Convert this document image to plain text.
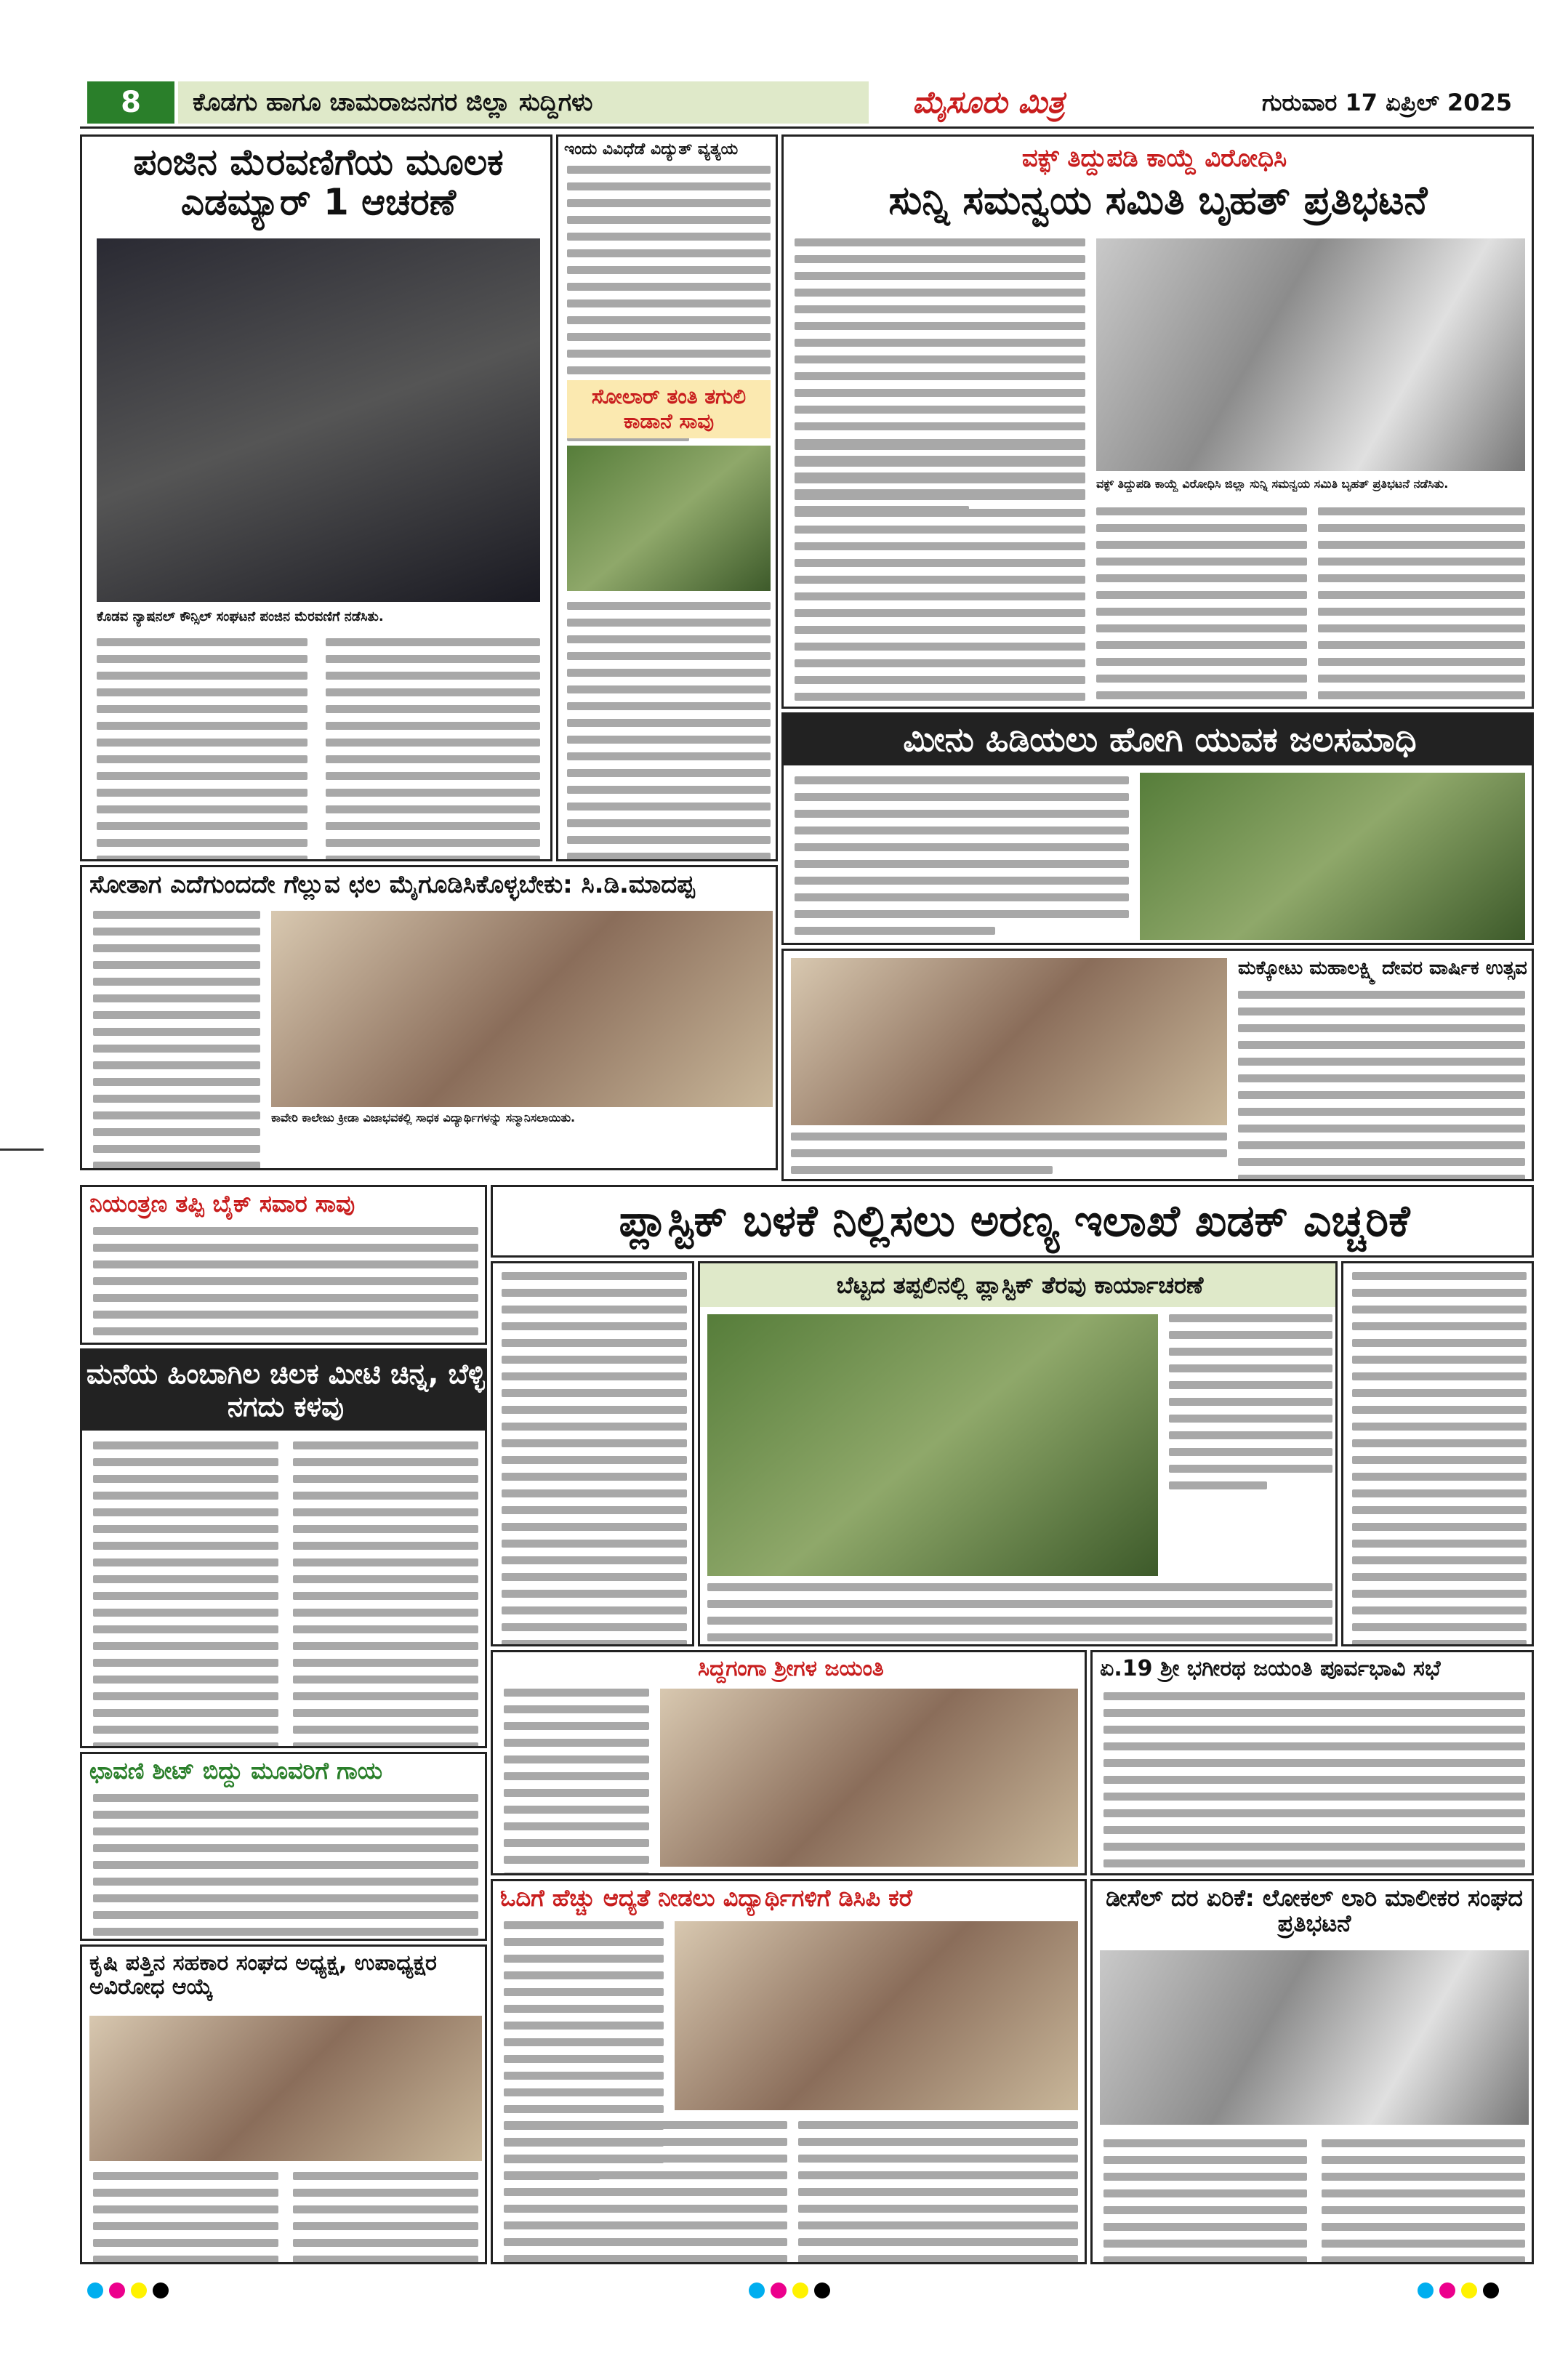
8	ಕೊಡಗು ಹಾಗೂ ಚಾಮರಾಜನಗರ ಜಿಲ್ಲಾ ಸುದ್ದಿಗಳು	ಮೈಸೂರು ಮಿತ್ರ	ಗುರುವಾರ 17 ಏಪ್ರಿಲ್ 2025
ಪಂಜಿನ ಮೆರವಣಿಗೆಯ ಮೂಲಕ ಎಡಮ್ಯಾರ್ 1 ಆಚರಣೆ
ಕೊಡವ ನ್ಯಾಷನಲ್ ಕೌನ್ಸಿಲ್ ಸಂಘಟನೆ ಪಂಜಿನ ಮೆರವಣಿಗೆ ನಡೆಸಿತು.
ಇಂದು ವಿವಿಧೆಡೆ ವಿದ್ಯುತ್ ವ್ಯತ್ಯಯ
ಸೋಲಾರ್ ತಂತಿ ತಗುಲಿ ಕಾಡಾನೆ ಸಾವು
ವಕ್ಫ್ ತಿದ್ದುಪಡಿ ಕಾಯ್ದೆ ವಿರೋಧಿಸಿ
ಸುನ್ನಿ ಸಮನ್ವಯ ಸಮಿತಿ ಬೃಹತ್ ಪ್ರತಿಭಟನೆ
ವಕ್ಫ್ ತಿದ್ದುಪಡಿ ಕಾಯ್ದೆ ವಿರೋಧಿಸಿ ಜಿಲ್ಲಾ ಸುನ್ನಿ ಸಮನ್ವಯ ಸಮಿತಿ ಬೃಹತ್ ಪ್ರತಿಭಟನೆ ನಡೆಸಿತು.
ಮೀನು ಹಿಡಿಯಲು ಹೋಗಿ ಯುವಕ ಜಲಸಮಾಧಿ
ಸೋತಾಗ ಎದೆಗುಂದದೇ ಗೆಲ್ಲುವ ಛಲ ಮೈಗೂಡಿಸಿಕೊಳ್ಳಬೇಕು: ಸಿ.ಡಿ.ಮಾದಪ್ಪ
ಕಾವೇರಿ ಕಾಲೇಜು ಕ್ರೀಡಾ ವಿಜಾಭವಕಲ್ಲಿ ಸಾಧಕ ವಿದ್ಯಾರ್ಥಿಗಳನ್ನು ಸನ್ಮಾನಿಸಲಾಯಿತು.
ಮಕ್ಕೋಟು ಮಹಾಲಕ್ಷ್ಮಿ ದೇವರ ವಾರ್ಷಿಕ ಉತ್ಸವ
ನಿಯಂತ್ರಣ ತಪ್ಪಿ ಬೈಕ್ ಸವಾರ ಸಾವು	ಪ್ಲಾಸ್ಟಿಕ್ ಬಳಕೆ ನಿಲ್ಲಿಸಲು ಅರಣ್ಯ ಇಲಾಖೆ ಖಡಕ್ ಎಚ್ಚರಿಕೆ
ಬೆಟ್ಟದ ತಪ್ಪಲಿನಲ್ಲಿ ಪ್ಲಾಸ್ಟಿಕ್ ತೆರವು ಕಾರ್ಯಾಚರಣೆ
ಮನೆಯ ಹಿಂಬಾಗಿಲ ಚಿಲಕ ಮೀಟಿ ಚಿನ್ನ, ಬೆಳ್ಳಿ ನಗದು ಕಳವು
ಸಿದ್ದಗಂಗಾ ಶ್ರೀಗಳ ಜಯಂತಿ	ಏ.19 ಶ್ರೀ ಭಗೀರಥ ಜಯಂತಿ ಪೂರ್ವಭಾವಿ ಸಭೆ
ಛಾವಣಿ ಶೀಟ್ ಬಿದ್ದು ಮೂವರಿಗೆ ಗಾಯ
ಡೀಸೆಲ್ ದರ ಏರಿಕೆ: ಲೋಕಲ್ ಲಾರಿ ಮಾಲೀಕರ ಸಂಘದ ಪ್ರತಿಭಟನೆ
ಓದಿಗೆ ಹೆಚ್ಚು ಆದ್ಯತೆ ನೀಡಲು ವಿದ್ಯಾರ್ಥಿಗಳಿಗೆ ಡಿಸಿಪಿ ಕರೆ
ಕೃಷಿ ಪತ್ತಿನ ಸಹಕಾರ ಸಂಘದ ಅಧ್ಯಕ್ಷ, ಉಪಾಧ್ಯಕ್ಷರ ಅವಿರೋಧ ಆಯ್ಕೆ
